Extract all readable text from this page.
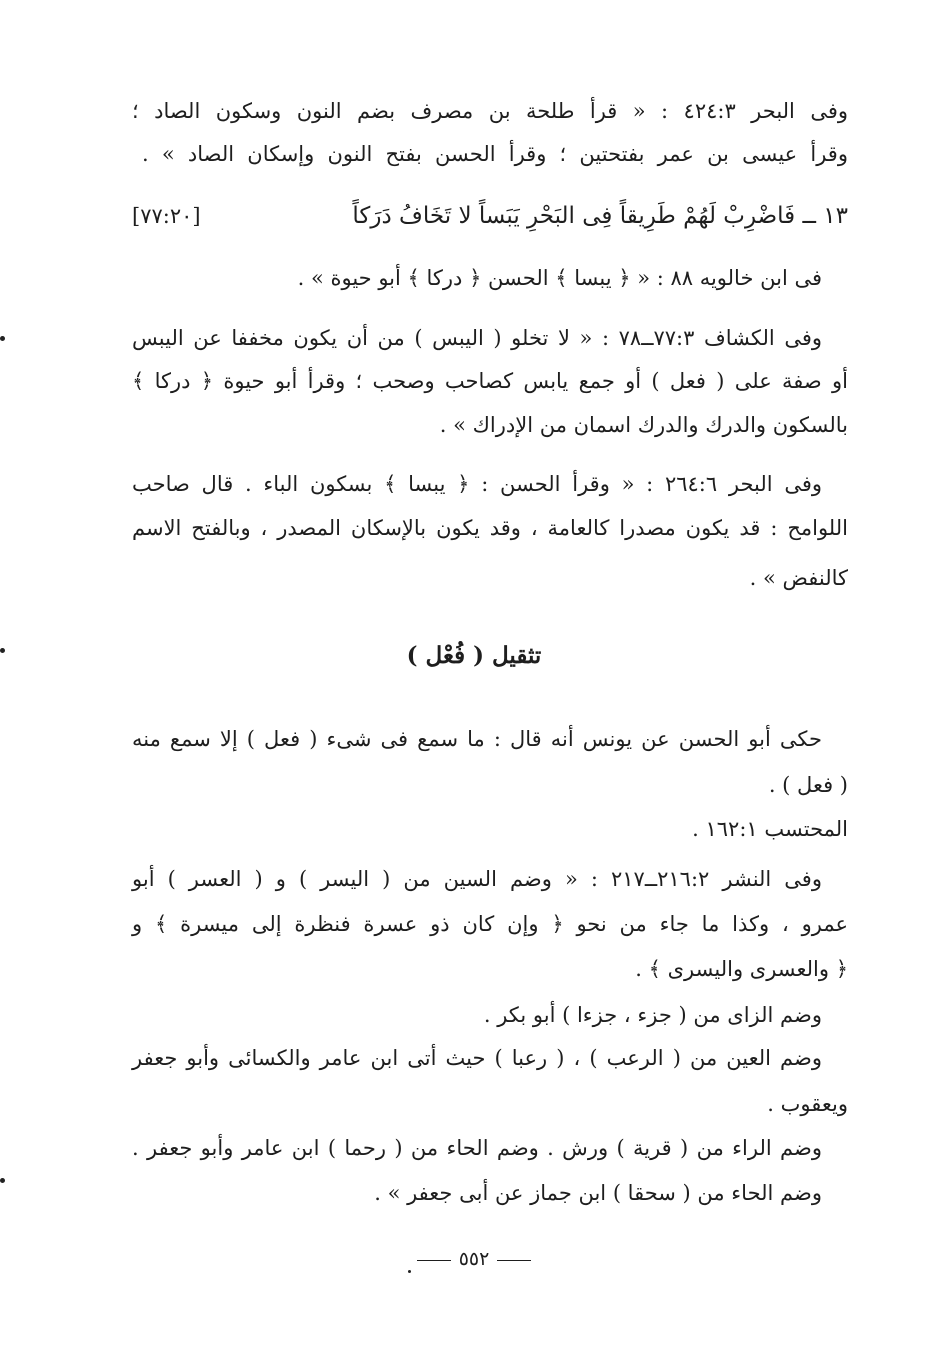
وفى البحر ٤٢٤:٣ : « قرأ طلحة بن مصرف بضم النون وسكون الصاد ؛
وقرأ عيسى بن عمر بفتحتين ؛ وقرأ الحسن بفتح النون وإسكان الصاد » .
١٣ ــ فَاضْرِبْ لَهُمْ طَرِيقاً فِى البَحْرِ يَبَساً لا تَخَافُ دَرَكاً
[٧٧:٢٠]
فى ابن خالويه ٨٨ : « ﴿ يبسا ﴾ الحسن ﴿ دركا ﴾ أبو حيوة » .
وفى الكشاف ٧٧:٣ــ٧٨ : « لا تخلو ( اليبس ) من أن يكون مخففا عن اليبس
أو صفة على ( فعل ) أو جمع يابس كصاحب وصحب ؛ وقرأ أبو حيوة ﴿ دركا ﴾
بالسكون والدرك والدرك اسمان من الإدراك » .
وفى البحر ٢٦٤:٦ : « وقرأ الحسن : ﴿ يبسا ﴾ بسكون الباء . قال صاحب
اللوامح : قد يكون مصدرا كالعامة ، وقد يكون بالإسكان المصدر ، وبالفتح الاسم
كالنفض » .
تثقيل ( فُعْل )
حكى أبو الحسن عن يونس أنه قال : ما سمع فى شىء ( فعل ) إلا سمع منه
( فعل ) .
المحتسب ١٦٢:١ .
وفى النشر ٢١٦:٢ــ٢١٧ : « وضم السين من ( اليسر ) و ( العسر ) أبو
عمرو ، وكذا ما جاء من نحو ﴿ وإن كان ذو عسرة فنظرة إلى ميسرة ﴾ و
﴿ والعسرى واليسرى ﴾ .
وضم الزاى من ( جزء ، جزءا ) أبو بكر .
وضم العين من ( الرعب ) ، ( رعبا ) حيث أتى ابن عامر والكسائى وأبو جعفر
ويعقوب .
وضم الراء من ( قرية ) ورش . وضم الحاء من ( رحما ) ابن عامر وأبو جعفر .
وضم الحاء من ( سحقا ) ابن جماز عن أبى جعفر » .
٥٥٢
